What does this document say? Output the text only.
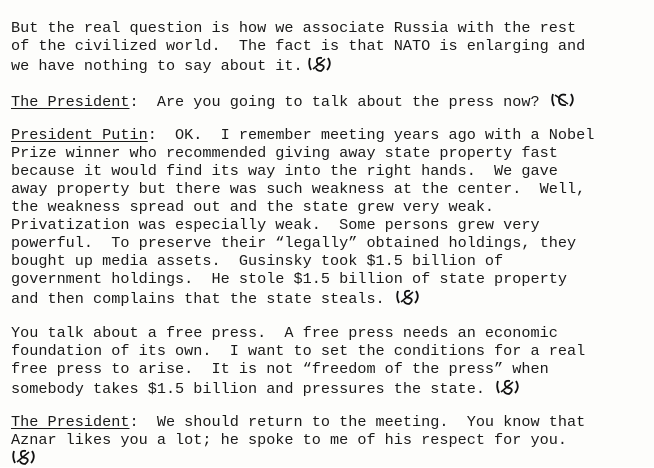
But the real question is how we associate Russia with the rest
of the civilized world.  The fact is that NATO is enlarging and
we have nothing to say about it.
The President:  Are you going to talk about the press now?
President Putin:  OK.  I remember meeting years ago with a Nobel
Prize winner who recommended giving away state property fast
because it would find its way into the right hands.  We gave
away property but there was such weakness at the center.  Well,
the weakness spread out and the state grew very weak.
Privatization was especially weak.  Some persons grew very
powerful.  To preserve their “legally” obtained holdings, they
bought up media assets.  Gusinsky took $1.5 billion of
government holdings.  He stole $1.5 billion of state property
and then complains that the state steals.
You talk about a free press.  A free press needs an economic
foundation of its own.  I want to set the conditions for a real
free press to arise.  It is not “freedom of the press” when
somebody takes $1.5 billion and pressures the state.
The President:  We should return to the meeting.  You know that
Aznar likes you a lot; he spoke to me of his respect for you.
